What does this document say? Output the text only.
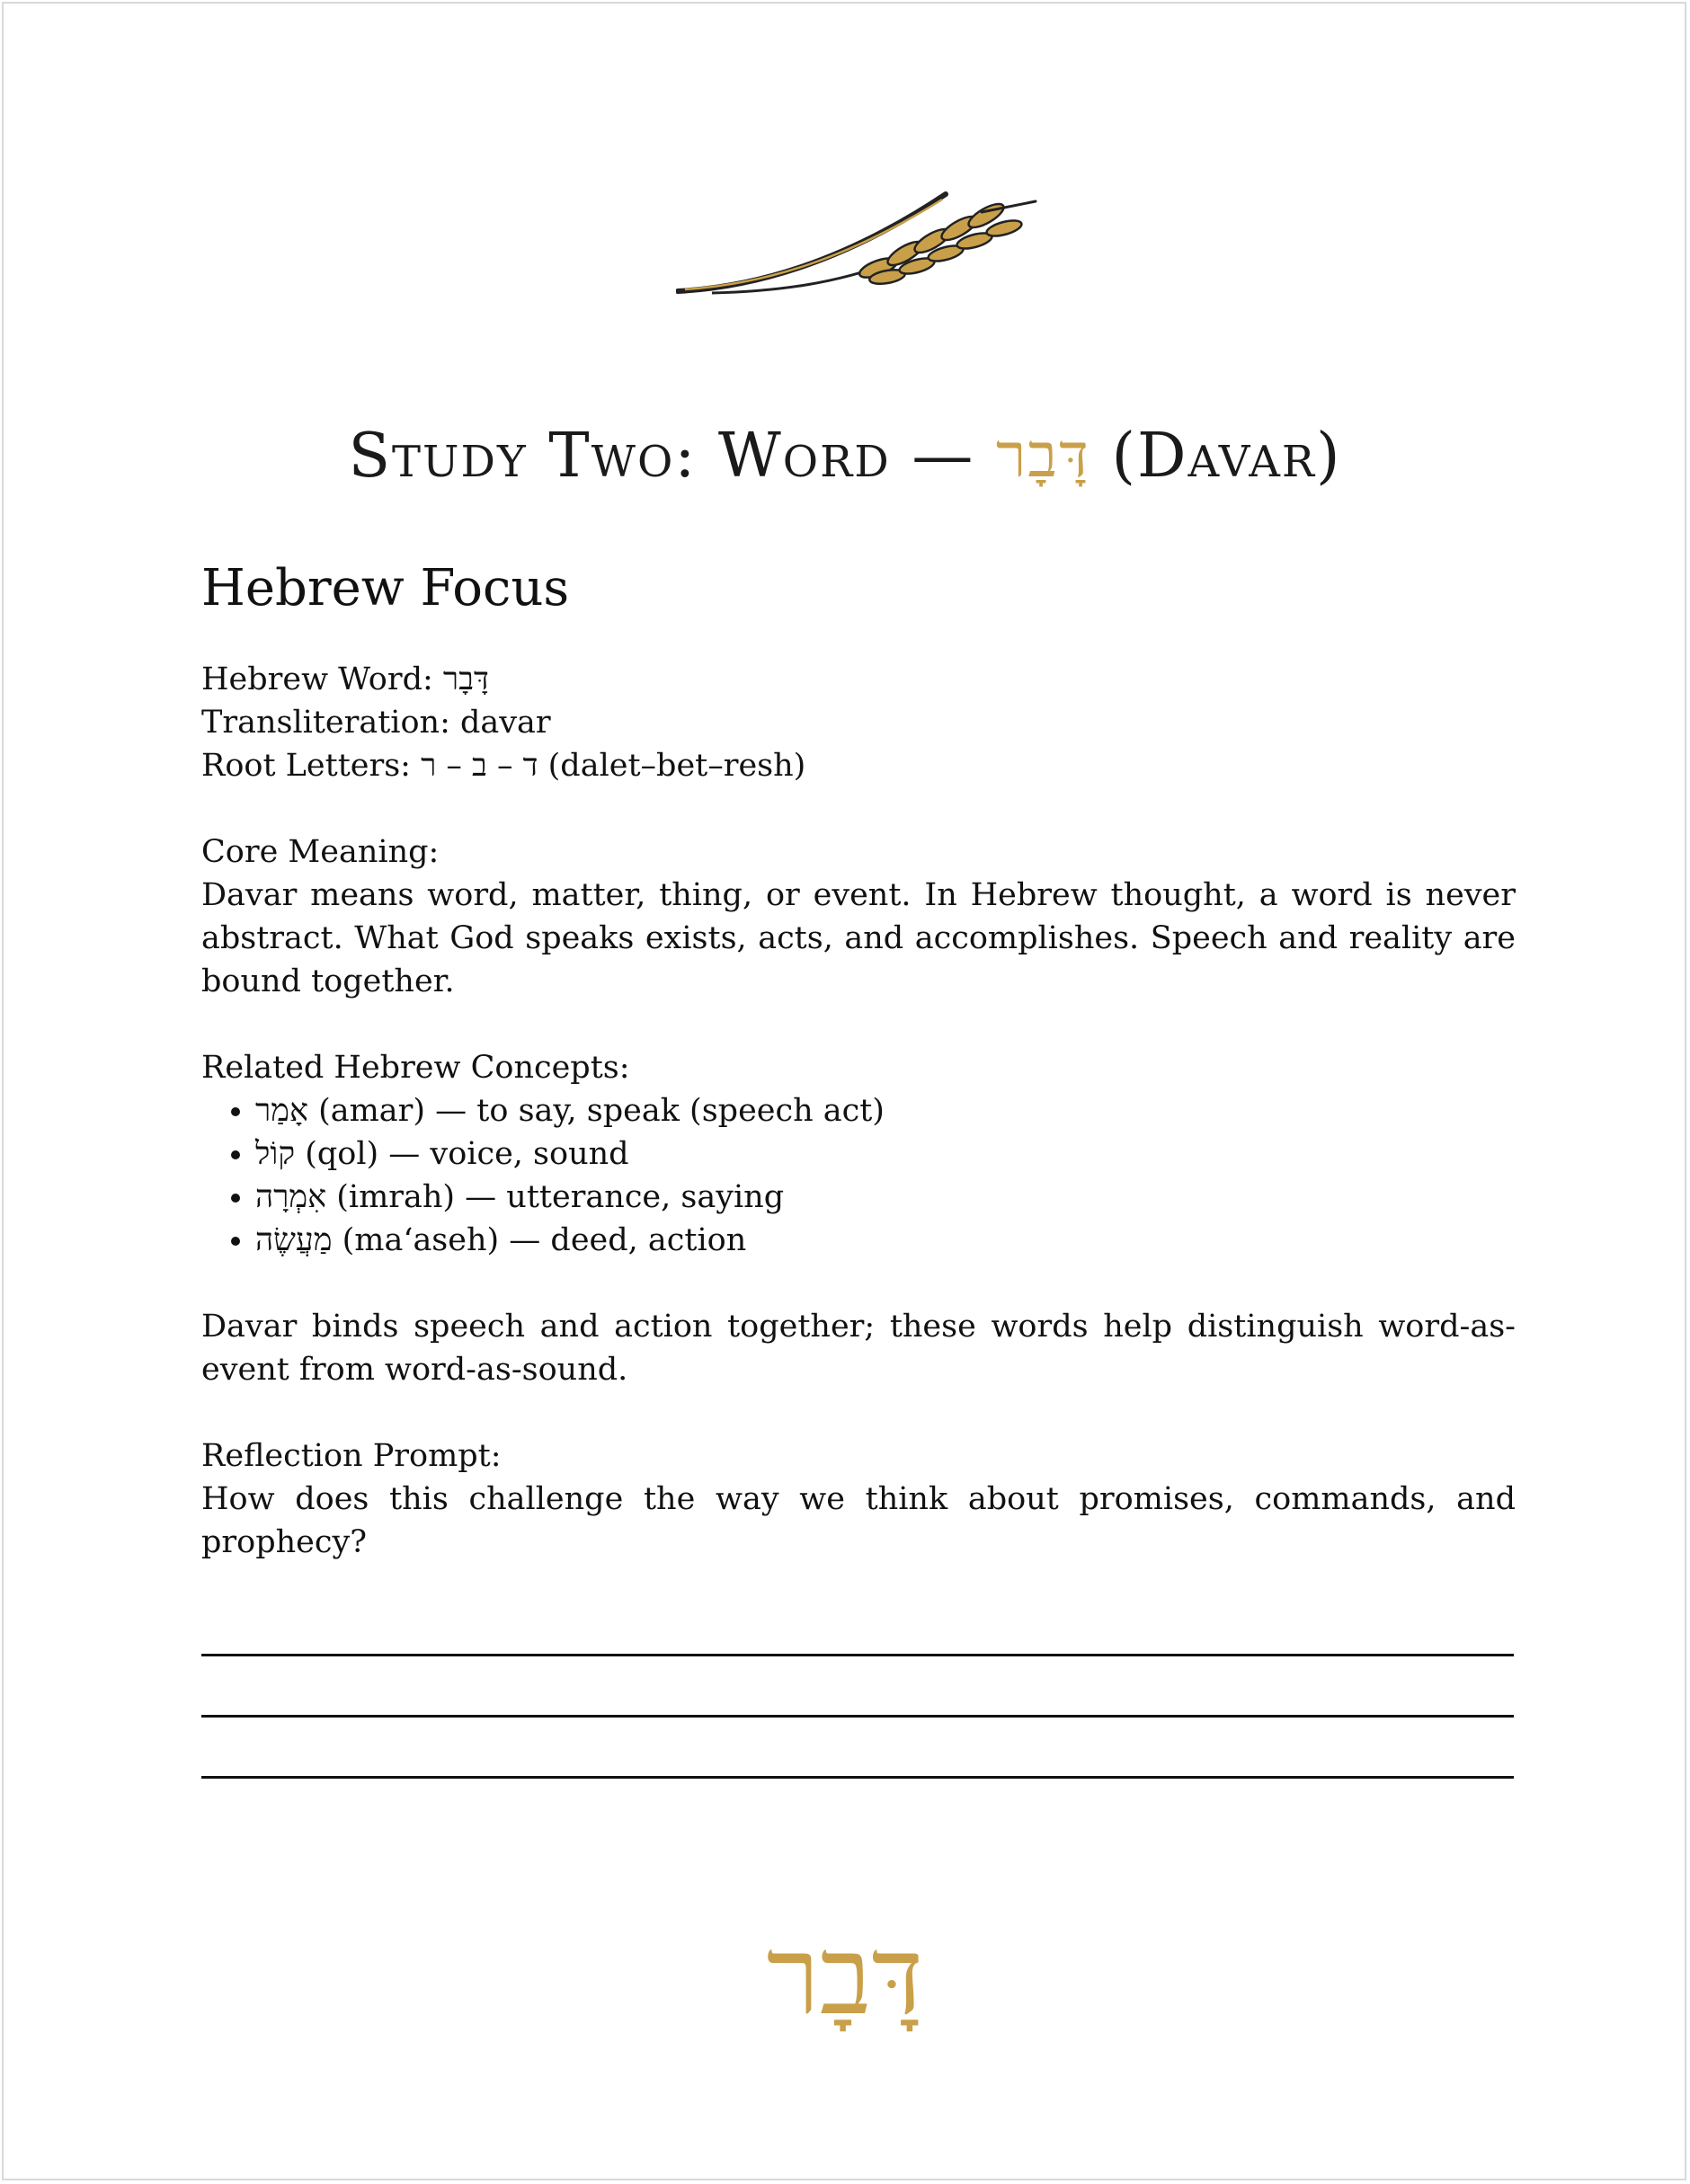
Study Two: Word — דָּבָר (Davar)
Hebrew Focus

Hebrew Word: דָּבָר

Transliteration: davar

Root Letters: ד – ב – ר (dalet–bet–resh)

Core Meaning:

Davar means word, matter, thing, or event. In Hebrew thought, a word is never abstract. What God speaks exists, acts, and accomplishes. Speech and reality are bound together.

Related Hebrew Concepts:

• אָמַר (amar) — to say, speak (speech act)
• קוֹל (qol) — voice, sound
• אִמְרָה (imrah) — utterance, saying
• מַעֲשֶׂה (ma‘aseh) — deed, action

Davar binds speech and action together; these words help distinguish word-as-event from word-as-sound.

Reflection Prompt:

How does this challenge the way we think about promises, commands, and prophecy?

דָּבָר
